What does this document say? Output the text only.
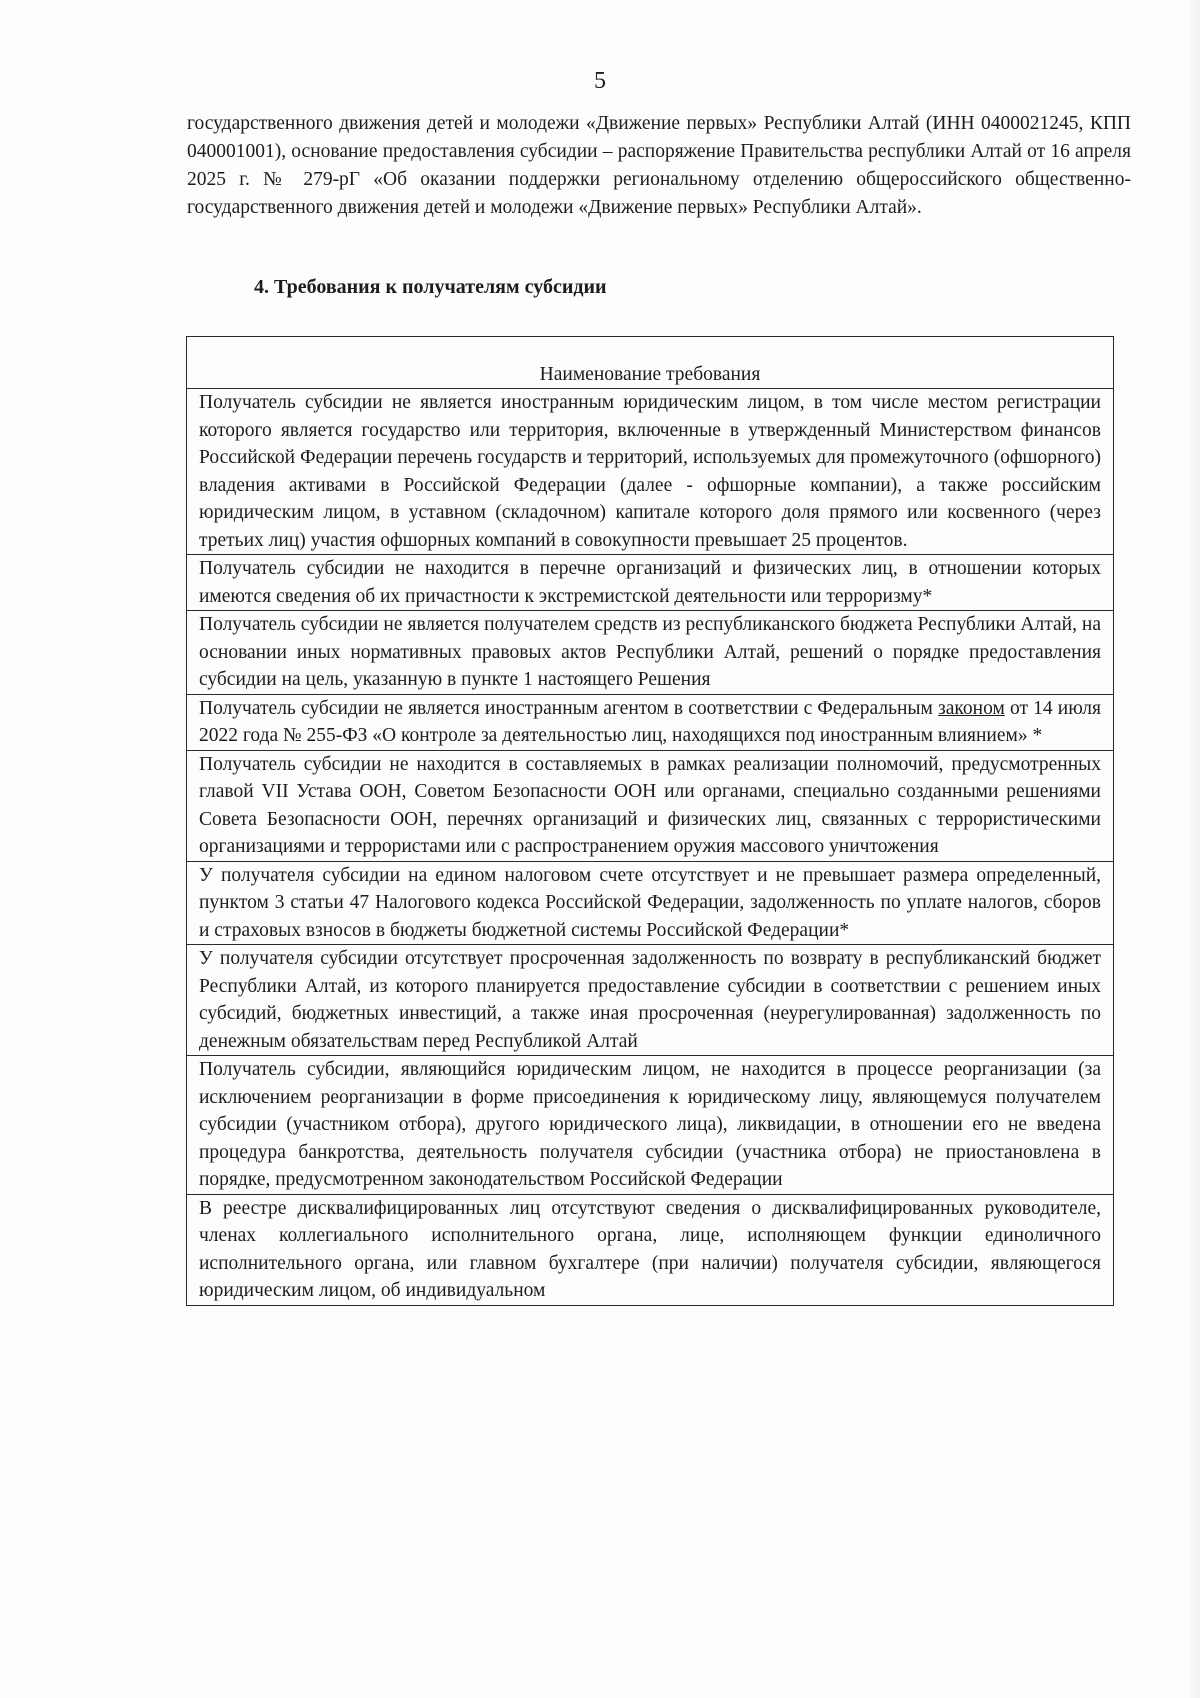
5
государственного движения детей и молодежи «Движение первых» Республики Алтай (ИНН 0400021245, КПП 040001001), основание предоставления субсидии – распоряжение Правительства республики Алтай от 16 апреля 2025 г. № 279-рГ «Об оказании поддержки региональному отделению общероссийского общественно-государственного движения детей и молодежи «Движение первых» Республики Алтай».
4. Требования к получателям субсидии
Наименование требования
Получатель субсидии не является иностранным юридическим лицом, в том числе местом регистрации которого является государство или территория, включенные в утвержденный Министерством финансов Российской Федерации перечень государств и территорий, используемых для промежуточного (офшорного) владения активами в Российской Федерации (далее - офшорные компании), а также российским юридическим лицом, в уставном (складочном) капитале которого доля прямого или косвенного (через третьих лиц) участия офшорных компаний в совокупности превышает 25 процентов.
Получатель субсидии не находится в перечне организаций и физических лиц, в отношении которых имеются сведения об их причастности к экстремистской деятельности или терроризму*
Получатель субсидии не является получателем средств из республиканского бюджета Республики Алтай, на основании иных нормативных правовых актов Республики Алтай, решений о порядке предоставления субсидии на цель, указанную в пункте 1 настоящего Решения
Получатель субсидии не является иностранным агентом в соответствии с Федеральным законом от 14 июля 2022 года № 255-ФЗ «О контроле за деятельностью лиц, находящихся под иностранным влиянием» *
Получатель субсидии не находится в составляемых в рамках реализации полномочий, предусмотренных главой VII Устава ООН, Советом Безопасности ООН или органами, специально созданными решениями Совета Безопасности ООН, перечнях организаций и физических лиц, связанных с террористическими организациями и террористами или с распространением оружия массового уничтожения
У получателя субсидии на едином налоговом счете отсутствует и не превышает размера определенный, пунктом 3 статьи 47 Налогового кодекса Российской Федерации, задолженность по уплате налогов, сборов и страховых взносов в бюджеты бюджетной системы Российской Федерации*
У получателя субсидии отсутствует просроченная задолженность по возврату в республиканский бюджет Республики Алтай, из которого планируется предоставление субсидии в соответствии с решением иных субсидий, бюджетных инвестиций, а также иная просроченная (неурегулированная) задолженность по денежным обязательствам перед Республикой Алтай
Получатель субсидии, являющийся юридическим лицом, не находится в процессе реорганизации (за исключением реорганизации в форме присоединения к юридическому лицу, являющемуся получателем субсидии (участником отбора), другого юридического лица), ликвидации, в отношении его не введена процедура банкротства, деятельность получателя субсидии (участника отбора) не приостановлена в порядке, предусмотренном законодательством Российской Федерации
В реестре дисквалифицированных лиц отсутствуют сведения о дисквалифицированных руководителе, членах коллегиального исполнительного органа, лице, исполняющем функции единоличного исполнительного органа, или главном бухгалтере (при наличии) получателя субсидии, являющегося юридическим лицом, об индивидуальном
